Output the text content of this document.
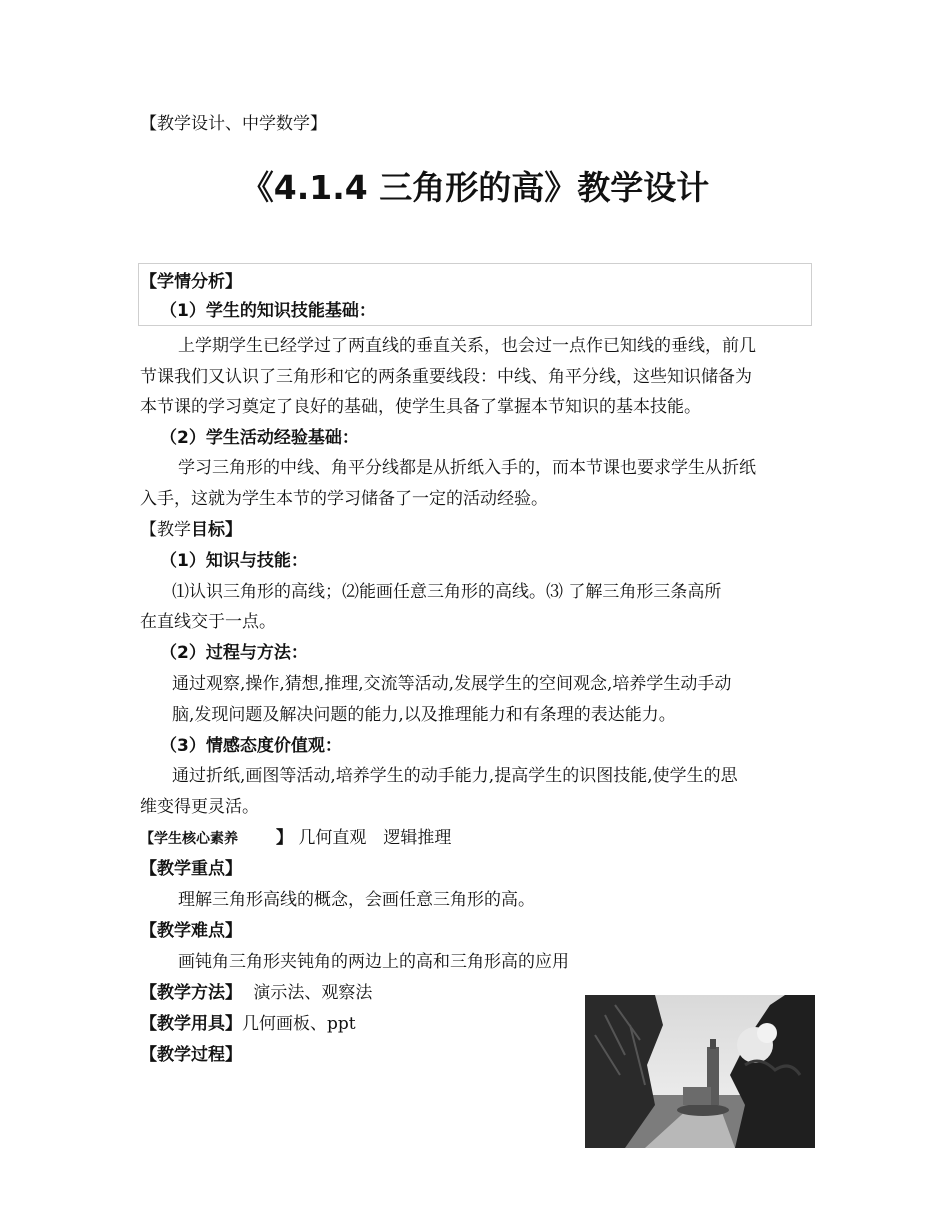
【教学设计、中学数学】
《4.1.4 三角形的高》教学设计
【学情分析】
（1）学生的知识技能基础：
上学期学生已经学过了两直线的垂直关系，也会过一点作已知线的垂线，前几
节课我们又认识了三角形和它的两条重要线段：中线、角平分线，这些知识储备为
本节课的学习奠定了良好的基础，使学生具备了掌握本节知识的基本技能。
（2）学生活动经验基础：
学习三角形的中线、角平分线都是从折纸入手的，而本节课也要求学生从折纸
入手，这就为学生本节的学习储备了一定的活动经验。
【教学目标】
（1）知识与技能：
⑴认识三角形的高线；⑵能画任意三角形的高线。⑶ 了解三角形三条高所
在直线交于一点。
（2）过程与方法：
通过观察,操作,猜想,推理,交流等活动,发展学生的空间观念,培养学生动手动
脑,发现问题及解决问题的能力,以及推理能力和有条理的表达能力。
（3）情感态度价值观：
通过折纸,画图等活动,培养学生的动手能力,提高学生的识图技能,使学生的思
维变得更灵活。
【学生核心素养 】 几何直观　逻辑推理
【教学重点】
理解三角形高线的概念，会画任意三角形的高。
【教学难点】
画钝角三角形夹钝角的两边上的高和三角形高的应用
【教学方法】 演示法、观察法
【教学用具】几何画板、ppt
【教学过程】
